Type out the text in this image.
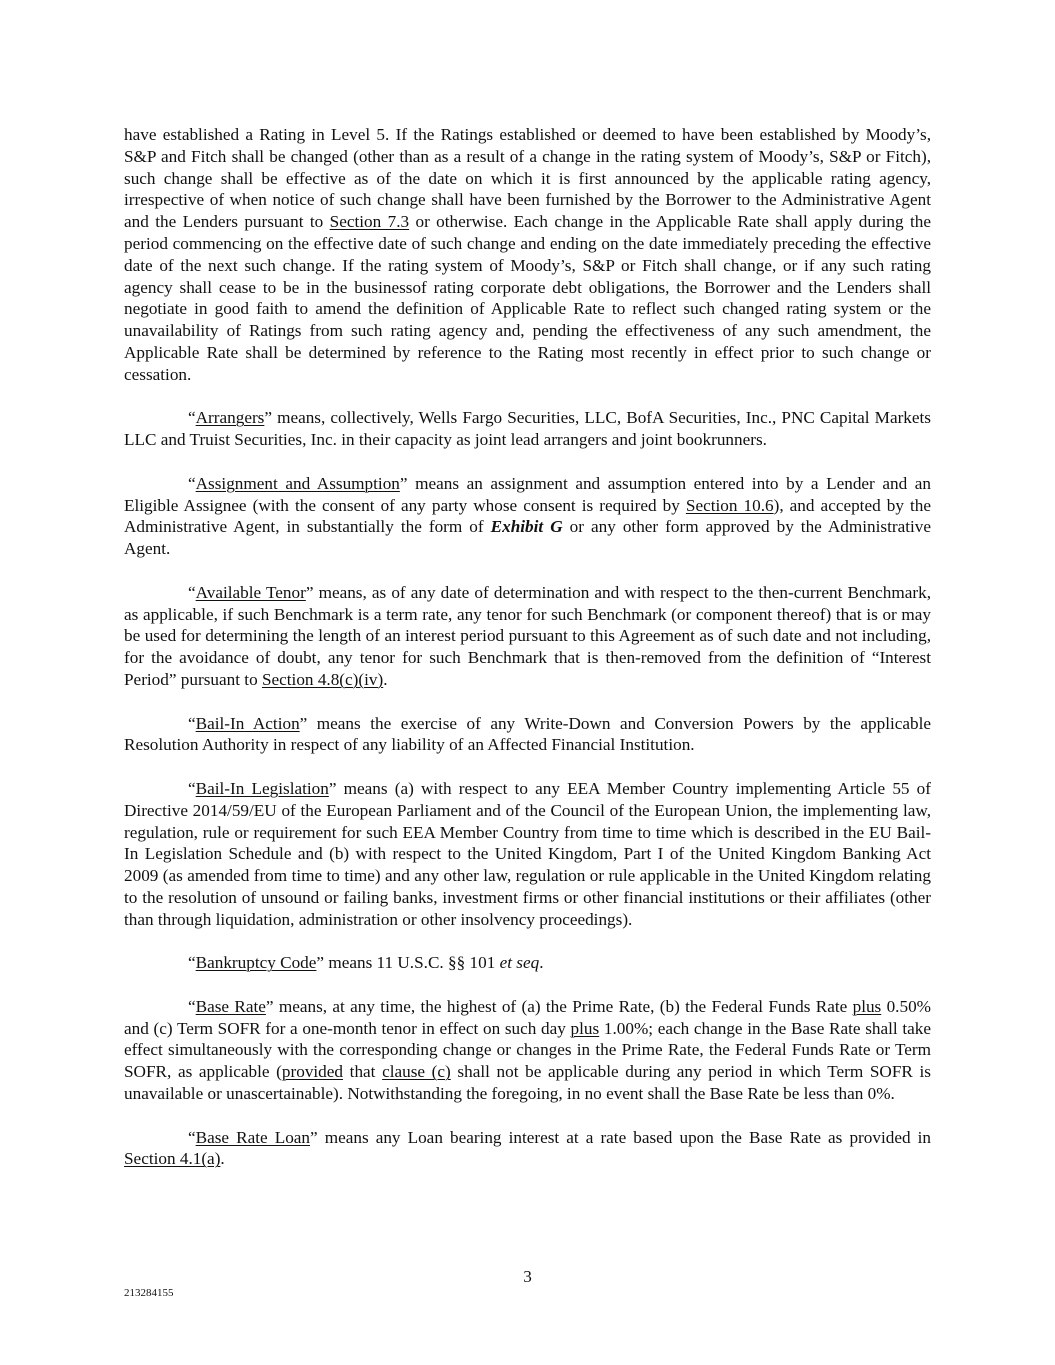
have established a Rating in Level 5. If the Ratings established or deemed to have been established by Moody’s, S&P and Fitch shall be changed (other than as a result of a change in the rating system of Moody’s, S&P or Fitch), such change shall be effective as of the date on which it is first announced by the applicable rating agency, irrespective of when notice of such change shall have been furnished by the Borrower to the Administrative Agent and the Lenders pursuant to Section 7.3 or otherwise. Each change in the Applicable Rate shall apply during the period commencing on the effective date of such change and ending on the date immediately preceding the effective date of the next such change. If the rating system of Moody’s, S&P or Fitch shall change, or if any such rating agency shall cease to be in the businessof rating corporate debt obligations, the Borrower and the Lenders shall negotiate in good faith to amend the definition of Applicable Rate to reflect such changed rating system or the unavailability of Ratings from such rating agency and, pending the effectiveness of any such amendment, the Applicable Rate shall be determined by reference to the Rating most recently in effect prior to such change or cessation.

“Arrangers” means, collectively, Wells Fargo Securities, LLC, BofA Securities, Inc., PNC Capital Markets LLC and Truist Securities, Inc. in their capacity as joint lead arrangers and joint bookrunners.

“Assignment and Assumption” means an assignment and assumption entered into by a Lender and an Eligible Assignee (with the consent of any party whose consent is required by Section 10.6), and accepted by the Administrative Agent, in substantially the form of Exhibit G or any other form approved by the Administrative Agent.

“Available Tenor” means, as of any date of determination and with respect to the then-current Benchmark, as applicable, if such Benchmark is a term rate, any tenor for such Benchmark (or component thereof) that is or may be used for determining the length of an interest period pursuant to this Agreement as of such date and not including, for the avoidance of doubt, any tenor for such Benchmark that is then-removed from the definition of “Interest Period” pursuant to Section 4.8(c)(iv).

“Bail-In Action” means the exercise of any Write-Down and Conversion Powers by the applicable Resolution Authority in respect of any liability of an Affected Financial Institution.

“Bail-In Legislation” means (a) with respect to any EEA Member Country implementing Article 55 of Directive 2014/59/EU of the European Parliament and of the Council of the European Union, the implementing law, regulation, rule or requirement for such EEA Member Country from time to time which is described in the EU Bail-In Legislation Schedule and (b) with respect to the United Kingdom, Part I of the United Kingdom Banking Act 2009 (as amended from time to time) and any other law, regulation or rule applicable in the United Kingdom relating to the resolution of unsound or failing banks, investment firms or other financial institutions or their affiliates (other than through liquidation, administration or other insolvency proceedings).

“Bankruptcy Code” means 11 U.S.C. §§ 101 et seq.

“Base Rate” means, at any time, the highest of (a) the Prime Rate, (b) the Federal Funds Rate plus 0.50% and (c) Term SOFR for a one-month tenor in effect on such day plus 1.00%; each change in the Base Rate shall take effect simultaneously with the corresponding change or changes in the Prime Rate, the Federal Funds Rate or Term SOFR, as applicable (provided that clause (c) shall not be applicable during any period in which Term SOFR is unavailable or unascertainable). Notwithstanding the foregoing, in no event shall the Base Rate be less than 0%.

“Base Rate Loan” means any Loan bearing interest at a rate based upon the Base Rate as provided in Section 4.1(a).

3
213284155
